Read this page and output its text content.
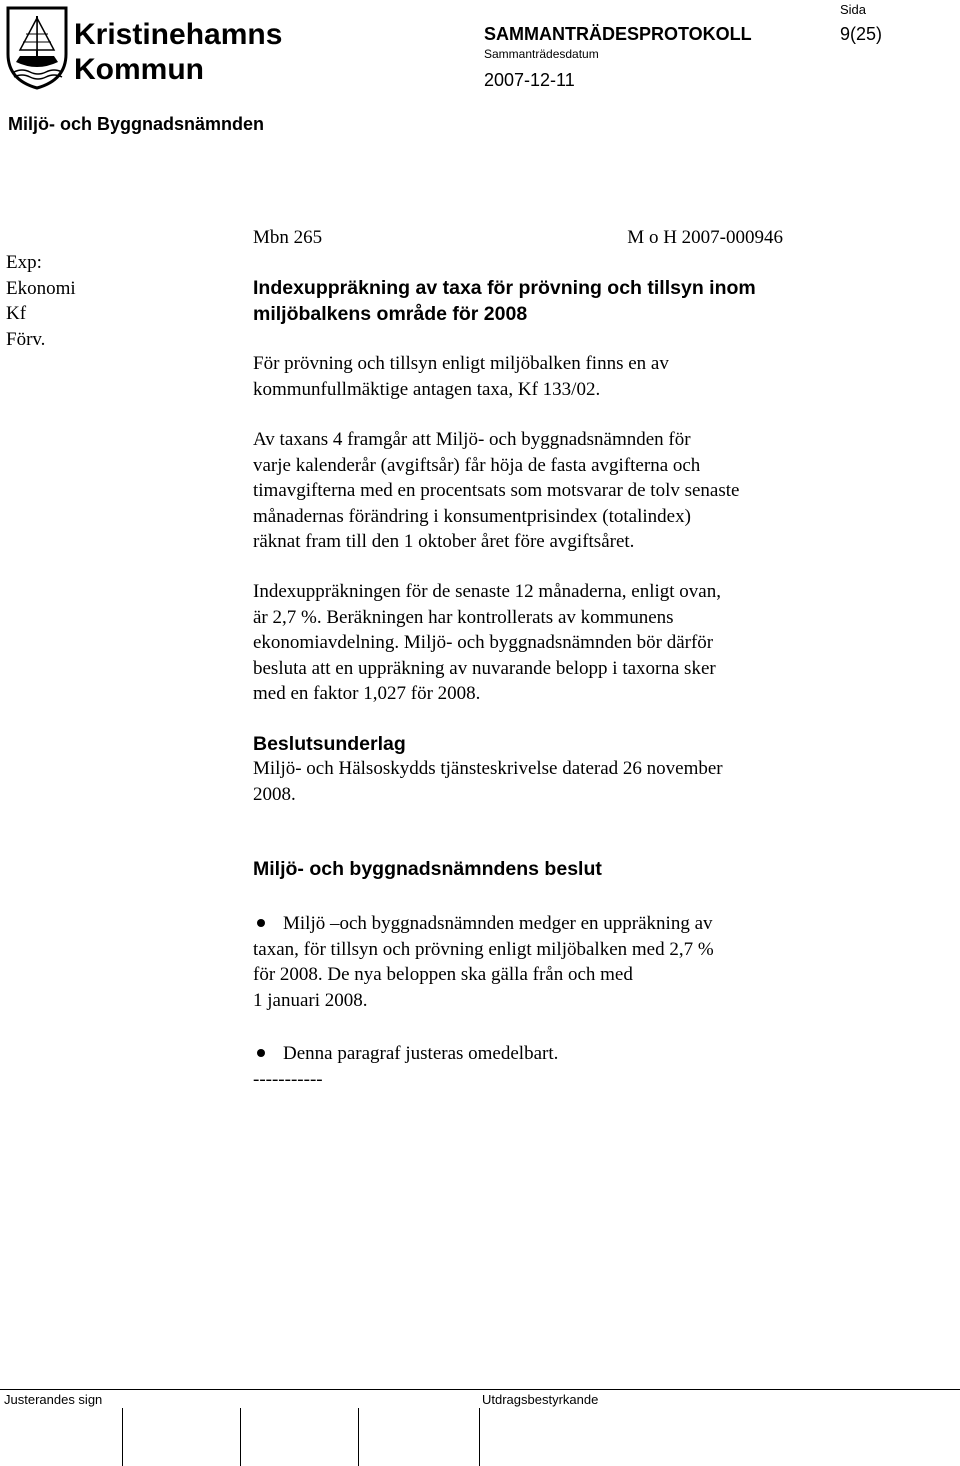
Kristinehamns
Kommun
SAMMANTRÄDESPROTOKOLL
Sida
9(25)
Sammanträdesdatum
2007-12-11
Miljö- och Byggnadsnämnden
Exp:
Ekonomi
Kf
Förv.
Mbn 265	M o H 2007-000946
Indexuppräkning av taxa för prövning och tillsyn inom
miljöbalkens område för 2008
För prövning och tillsyn enligt miljöbalken finns en av
kommunfullmäktige antagen taxa, Kf 133/02.
Av taxans 4 framgår att Miljö- och byggnadsnämnden för
varje kalenderår (avgiftsår) får höja de fasta avgifterna och
timavgifterna med en procentsats som motsvarar de tolv senaste
månadernas förändring i konsumentprisindex (totalindex)
räknat fram till den 1 oktober året före avgiftsåret.
Indexuppräkningen för de senaste 12 månaderna, enligt ovan,
är 2,7 %. Beräkningen har kontrollerats av kommunens
ekonomiavdelning. Miljö- och byggnadsnämnden bör därför
besluta att en uppräkning av nuvarande belopp i taxorna sker
med en faktor 1,027 för 2008.
Beslutsunderlag
Miljö- och Hälsoskydds tjänsteskrivelse daterad 26 november
2008.
Miljö- och byggnadsnämndens beslut
Miljö –och byggnadsnämnden medger en uppräkning av
taxan, för tillsyn och prövning enligt miljöbalken med 2,7 %
för 2008. De nya beloppen ska gälla från och med
1 januari 2008.
Denna paragraf justeras omedelbart.
-----------
Justerandes sign	Utdragsbestyrkande
